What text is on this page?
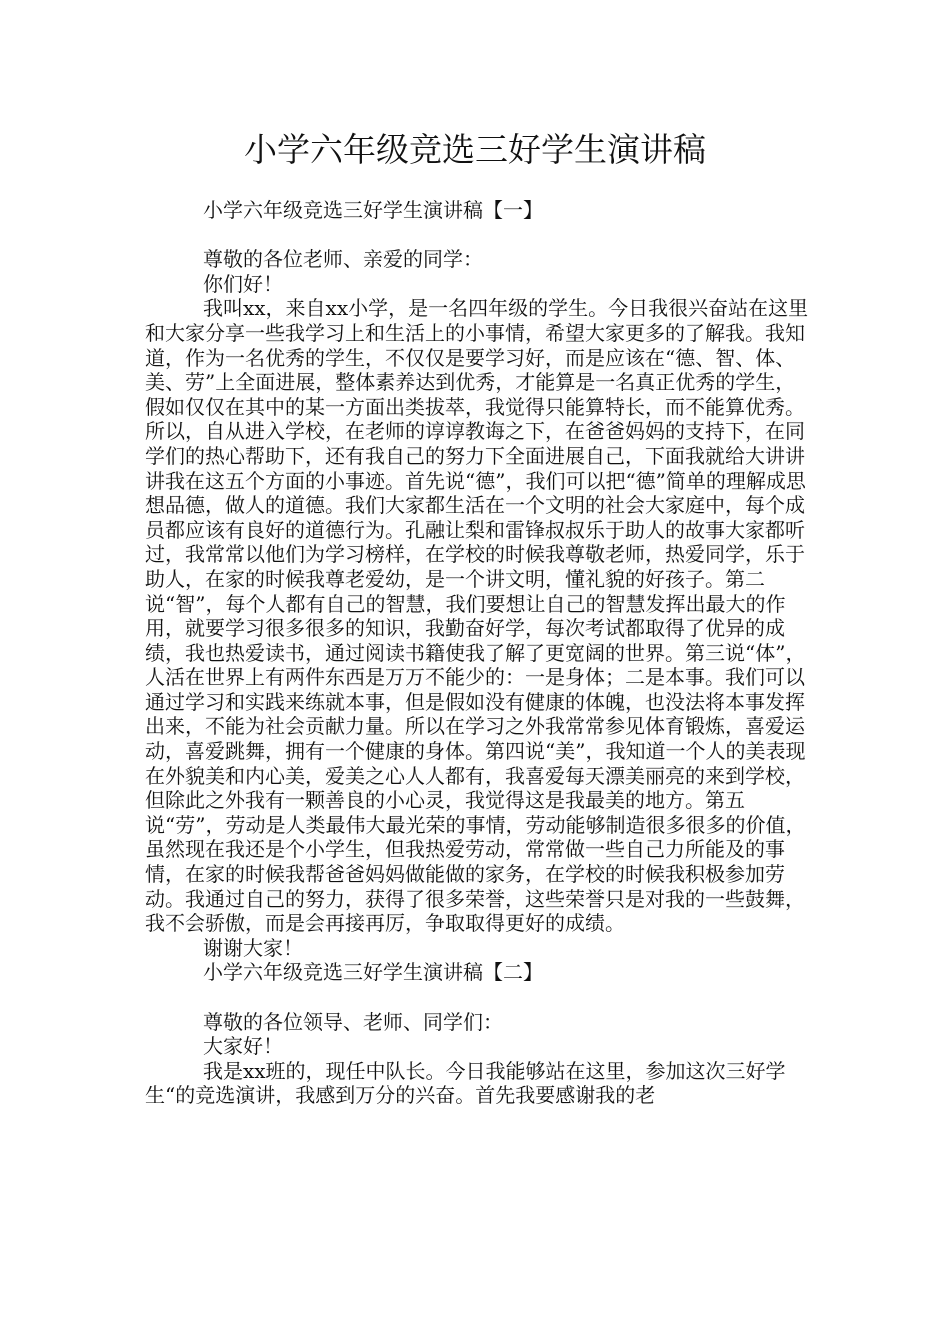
小学六年级竞选三好学生演讲稿

小学六年级竞选三好学生演讲稿【一】

尊敬的各位老师、亲爱的同学：

你们好！

我叫xx，来自xx小学，是一名四年级的学生。今日我很兴奋站在这里和大家分享一些我学习上和生活上的小事情，希望大家更多的了解我。我知道，作为一名优秀的学生，不仅仅是要学习好，而是应该在“德、智、体、美、劳”上全面进展，整体素养达到优秀，才能算是一名真正优秀的学生，假如仅仅在其中的某一方面出类拔萃，我觉得只能算特长，而不能算优秀。所以，自从进入学校，在老师的谆谆教诲之下，在爸爸妈妈的支持下，在同学们的热心帮助下，还有我自己的努力下全面进展自己，下面我就给大讲讲讲我在这五个方面的小事迹。首先说“德”，我们可以把“德”简单的理解成思想品德，做人的道德。我们大家都生活在一个文明的社会大家庭中，每个成员都应该有良好的道德行为。孔融让梨和雷锋叔叔乐于助人的故事大家都听过，我常常以他们为学习榜样，在学校的时候我尊敬老师，热爱同学，乐于助人，在家的时候我尊老爱幼，是一个讲文明，懂礼貌的好孩子。第二说“智”，每个人都有自己的智慧，我们要想让自己的智慧发挥出最大的作用，就要学习很多很多的知识，我勤奋好学，每次考试都取得了优异的成绩，我也热爱读书，通过阅读书籍使我了解了更宽阔的世界。第三说“体”，人活在世界上有两件东西是万万不能少的：一是身体；二是本事。我们可以通过学习和实践来练就本事，但是假如没有健康的体魄，也没法将本事发挥出来，不能为社会贡献力量。所以在学习之外我常常参见体育锻炼，喜爱运动，喜爱跳舞，拥有一个健康的身体。第四说“美”，我知道一个人的美表现在外貌美和内心美，爱美之心人人都有，我喜爱每天漂美丽亮的来到学校，但除此之外我有一颗善良的小心灵，我觉得这是我最美的地方。第五说“劳”，劳动是人类最伟大最光荣的事情，劳动能够制造很多很多的价值，虽然现在我还是个小学生，但我热爱劳动，常常做一些自己力所能及的事情，在家的时候我帮爸爸妈妈做能做的家务，在学校的时候我积极参加劳动。我通过自己的努力，获得了很多荣誉，这些荣誉只是对我的一些鼓舞，我不会骄傲，而是会再接再厉，争取取得更好的成绩。

谢谢大家！

小学六年级竞选三好学生演讲稿【二】

尊敬的各位领导、老师、同学们：

大家好！

我是xx班的，现任中队长。今日我能够站在这里，参加这次三好学生“的竞选演讲，我感到万分的兴奋。首先我要感谢我的老
